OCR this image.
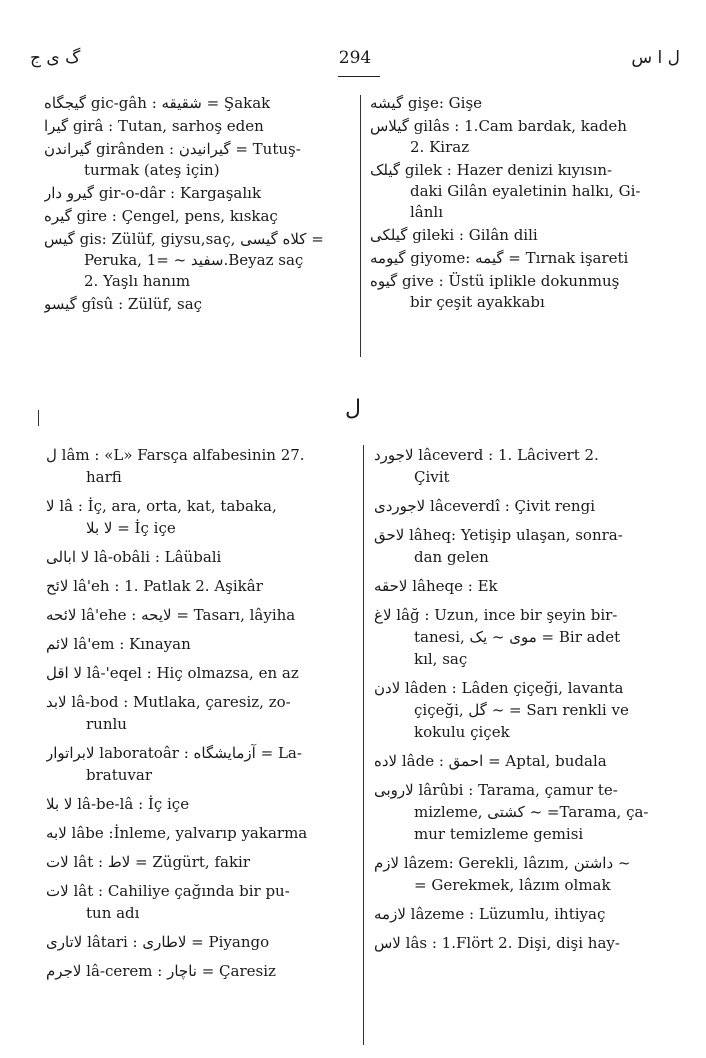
گ ی ج	294	ل ا س
گیجگاه gic-gâh : شقیقه = Şakak
گیرا girâ : Tutan, sarhoş eden
گیراندن girânden : گیرانیدن = Tutuş-
turmak (ateş için)
گیرو دار gir-o-dâr : Kargaşalık
گیره gire : Çengel, pens, kıskaç
گیس gis: Zülüf, giysu,saç, کلاه گیسی =
Peruka, سفید ~ =1.Beyaz saç
2. Yaşlı hanım
گیسو gîsû : Zülüf, saç
گیشه gişe: Gişe
گیلاس gilâs : 1.Cam bardak, kadeh
2. Kiraz
گیلک gilek : Hazer denizi kıyısın-
daki Gilân eyaletinin halkı, Gi-
lânlı
گیلکی gileki : Gilân dili
گیومه giyome: گیمه = Tırnak işareti
گیوه give : Üstü iplikle dokunmuş
bir çeşit ayakkabı
ل
ل lâm : «L» Farsça alfabesinin 27.
harfi
لا lâ : İç, ara, orta, kat, tabaka,
لا بلا = İç içe
لا ابالی lâ-obâli : Lâübali
لائح lâ'eh : 1. Patlak 2. Aşikâr
لائحه lâ'ehe : لایحه = Tasarı, lâyiha
لائم lâ'em : Kınayan
لا اقل lâ-'eqel : Hiç olmazsa, en az
لابد lâ-bod : Mutlaka, çaresiz, zo-
runlu
لابراتوار laboratoâr : آزمایشگاه = La-
bratuvar
لا بلا lâ-be-lâ : İç içe
لابه lâbe :İnleme, yalvarıp yakarma
لات lât : لاط = Zügürt, fakir
لات lât : Cahiliye çağında bir pu-
tun adı
لاتاری lâtari : لاطاری = Piyango
لاجرم lâ-cerem : ناچار = Çaresiz
لاجورد lâceverd : 1. Lâcivert 2.
Çivit
لاجوردی lâceverdî : Çivit rengi
لاحق lâheq: Yetişip ulaşan, sonra-
dan gelen
لاحقه lâheqe : Ek
لاغ lâğ : Uzun, ince bir şeyin bir-
tanesi, موی ~ یک = Bir adet
kıl, saç
لادن lâden : Lâden çiçeği, lavanta
çiçeği, گل ~ = Sarı renkli ve
kokulu çiçek
لاده lâde : احمق = Aptal, budala
لاروبی lârûbi : Tarama, çamur te-
mizleme, کشتی ~ =Tarama, ça-
mur temizleme gemisi
لازم lâzem: Gerekli, lâzım, داشتن ~
= Gerekmek, lâzım olmak
لازمه lâzeme : Lüzumlu, ihtiyaç
لاس lâs : 1.Flört 2. Dişi, dişi hay-
